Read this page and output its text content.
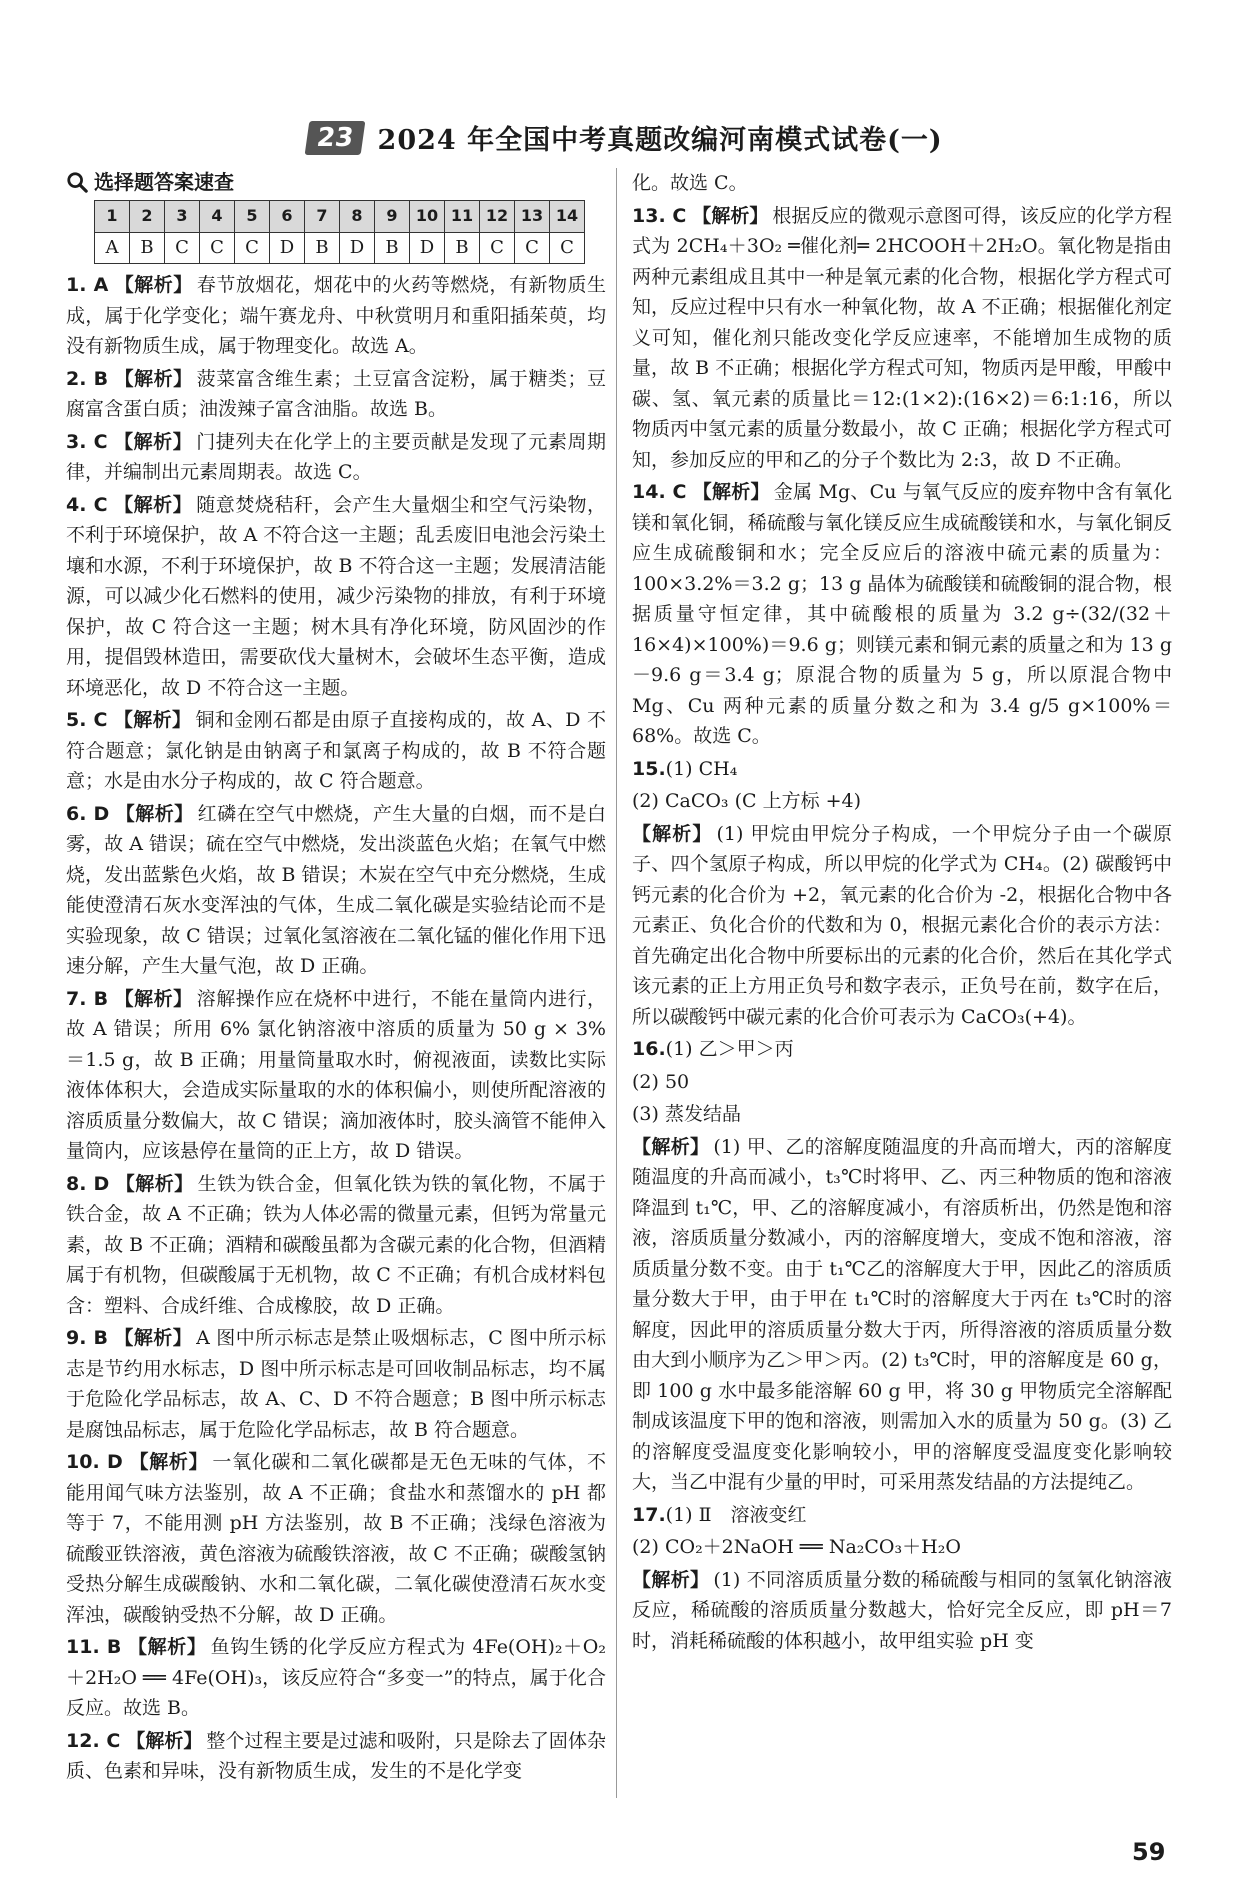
23 2024 年全国中考真题改编河南模式试卷(一)
选择题答案速查
1	2	3	4	5	6	7	8	9	10	11	12	13	14
A	B	C	C	C	D	B	D	B	D	B	C	C	C
1. A 【解析】 春节放烟花，烟花中的火药等燃烧，有新物质生成，属于化学变化；端午赛龙舟、中秋赏明月和重阳插茱萸，均没有新物质生成，属于物理变化。故选 A。
2. B 【解析】 菠菜富含维生素；土豆富含淀粉，属于糖类；豆腐富含蛋白质；油泼辣子富含油脂。故选 B。
3. C 【解析】 门捷列夫在化学上的主要贡献是发现了元素周期律，并编制出元素周期表。故选 C。
4. C 【解析】 随意焚烧秸秆，会产生大量烟尘和空气污染物，不利于环境保护，故 A 不符合这一主题；乱丢废旧电池会污染土壤和水源，不利于环境保护，故 B 不符合这一主题；发展清洁能源，可以减少化石燃料的使用，减少污染物的排放，有利于环境保护，故 C 符合这一主题；树木具有净化环境，防风固沙的作用，提倡毁林造田，需要砍伐大量树木，会破坏生态平衡，造成环境恶化，故 D 不符合这一主题。
5. C 【解析】 铜和金刚石都是由原子直接构成的，故 A、D 不符合题意；氯化钠是由钠离子和氯离子构成的，故 B 不符合题意；水是由水分子构成的，故 C 符合题意。
6. D 【解析】 红磷在空气中燃烧，产生大量的白烟，而不是白雾，故 A 错误；硫在空气中燃烧，发出淡蓝色火焰；在氧气中燃烧，发出蓝紫色火焰，故 B 错误；木炭在空气中充分燃烧，生成能使澄清石灰水变浑浊的气体，生成二氧化碳是实验结论而不是实验现象，故 C 错误；过氧化氢溶液在二氧化锰的催化作用下迅速分解，产生大量气泡，故 D 正确。
7. B 【解析】 溶解操作应在烧杯中进行，不能在量筒内进行，故 A 错误；所用 6% 氯化钠溶液中溶质的质量为 50 g × 3% ＝1.5 g，故 B 正确；用量筒量取水时，俯视液面，读数比实际液体体积大，会造成实际量取的水的体积偏小，则使所配溶液的溶质质量分数偏大，故 C 错误；滴加液体时，胶头滴管不能伸入量筒内，应该悬停在量筒的正上方，故 D 错误。
8. D 【解析】 生铁为铁合金，但氧化铁为铁的氧化物，不属于铁合金，故 A 不正确；铁为人体必需的微量元素，但钙为常量元素，故 B 不正确；酒精和碳酸虽都为含碳元素的化合物，但酒精属于有机物，但碳酸属于无机物，故 C 不正确；有机合成材料包含：塑料、合成纤维、合成橡胶，故 D 正确。
9. B 【解析】 A 图中所示标志是禁止吸烟标志，C 图中所示标志是节约用水标志，D 图中所示标志是可回收制品标志，均不属于危险化学品标志，故 A、C、D 不符合题意；B 图中所示标志是腐蚀品标志，属于危险化学品标志，故 B 符合题意。
10. D 【解析】 一氧化碳和二氧化碳都是无色无味的气体，不能用闻气味方法鉴别，故 A 不正确；食盐水和蒸馏水的 pH 都等于 7，不能用测 pH 方法鉴别，故 B 不正确；浅绿色溶液为硫酸亚铁溶液，黄色溶液为硫酸铁溶液，故 C 不正确；碳酸氢钠受热分解生成碳酸钠、水和二氧化碳，二氧化碳使澄清石灰水变浑浊，碳酸钠受热不分解，故 D 正确。
11. B 【解析】 鱼钩生锈的化学反应方程式为 4Fe(OH)₂＋O₂＋2H₂O ══ 4Fe(OH)₃，该反应符合“多变一”的特点，属于化合反应。故选 B。
12. C 【解析】 整个过程主要是过滤和吸附，只是除去了固体杂质、色素和异味，没有新物质生成，发生的不是化学变
化。故选 C。
13. C 【解析】 根据反应的微观示意图可得，该反应的化学方程式为 2CH₄＋3O₂ ═催化剂═ 2HCOOH＋2H₂O。氧化物是指由两种元素组成且其中一种是氧元素的化合物，根据化学方程式可知，反应过程中只有水一种氧化物，故 A 不正确；根据催化剂定义可知，催化剂只能改变化学反应速率，不能增加生成物的质量，故 B 不正确；根据化学方程式可知，物质丙是甲酸，甲酸中碳、氢、氧元素的质量比＝12:(1×2):(16×2)＝6:1:16，所以物质丙中氢元素的质量分数最小，故 C 正确；根据化学方程式可知，参加反应的甲和乙的分子个数比为 2:3，故 D 不正确。
14. C 【解析】 金属 Mg、Cu 与氧气反应的废弃物中含有氧化镁和氧化铜，稀硫酸与氧化镁反应生成硫酸镁和水，与氧化铜反应生成硫酸铜和水；完全反应后的溶液中硫元素的质量为：100×3.2%＝3.2 g；13 g 晶体为硫酸镁和硫酸铜的混合物，根据质量守恒定律，其中硫酸根的质量为 3.2 g÷(32/(32＋16×4)×100%)＝9.6 g；则镁元素和铜元素的质量之和为 13 g－9.6 g＝3.4 g；原混合物的质量为 5 g，所以原混合物中 Mg、Cu 两种元素的质量分数之和为 3.4 g/5 g×100%＝68%。故选 C。
15.(1) CH₄
(2) CaCO₃ (C 上方标 +4)
【解析】 (1) 甲烷由甲烷分子构成，一个甲烷分子由一个碳原子、四个氢原子构成，所以甲烷的化学式为 CH₄。(2) 碳酸钙中钙元素的化合价为 +2，氧元素的化合价为 -2，根据化合物中各元素正、负化合价的代数和为 0，根据元素化合价的表示方法：首先确定出化合物中所要标出的元素的化合价，然后在其化学式该元素的正上方用正负号和数字表示，正负号在前，数字在后，所以碳酸钙中碳元素的化合价可表示为 CaCO₃(+4)。
16.(1) 乙＞甲＞丙
(2) 50
(3) 蒸发结晶
【解析】 (1) 甲、乙的溶解度随温度的升高而增大，丙的溶解度随温度的升高而减小，t₃℃时将甲、乙、丙三种物质的饱和溶液降温到 t₁℃，甲、乙的溶解度减小，有溶质析出，仍然是饱和溶液，溶质质量分数减小，丙的溶解度增大，变成不饱和溶液，溶质质量分数不变。由于 t₁℃乙的溶解度大于甲，因此乙的溶质质量分数大于甲，由于甲在 t₁℃时的溶解度大于丙在 t₃℃时的溶解度，因此甲的溶质质量分数大于丙，所得溶液的溶质质量分数由大到小顺序为乙＞甲＞丙。(2) t₃℃时，甲的溶解度是 60 g，即 100 g 水中最多能溶解 60 g 甲，将 30 g 甲物质完全溶解配制成该温度下甲的饱和溶液，则需加入水的质量为 50 g。(3) 乙的溶解度受温度变化影响较小，甲的溶解度受温度变化影响较大，当乙中混有少量的甲时，可采用蒸发结晶的方法提纯乙。
17.(1) Ⅱ　溶液变红
(2) CO₂＋2NaOH ══ Na₂CO₃＋H₂O
【解析】 (1) 不同溶质质量分数的稀硫酸与相同的氢氧化钠溶液反应，稀硫酸的溶质质量分数越大，恰好完全反应，即 pH＝7 时，消耗稀硫酸的体积越小，故甲组实验 pH 变
59
